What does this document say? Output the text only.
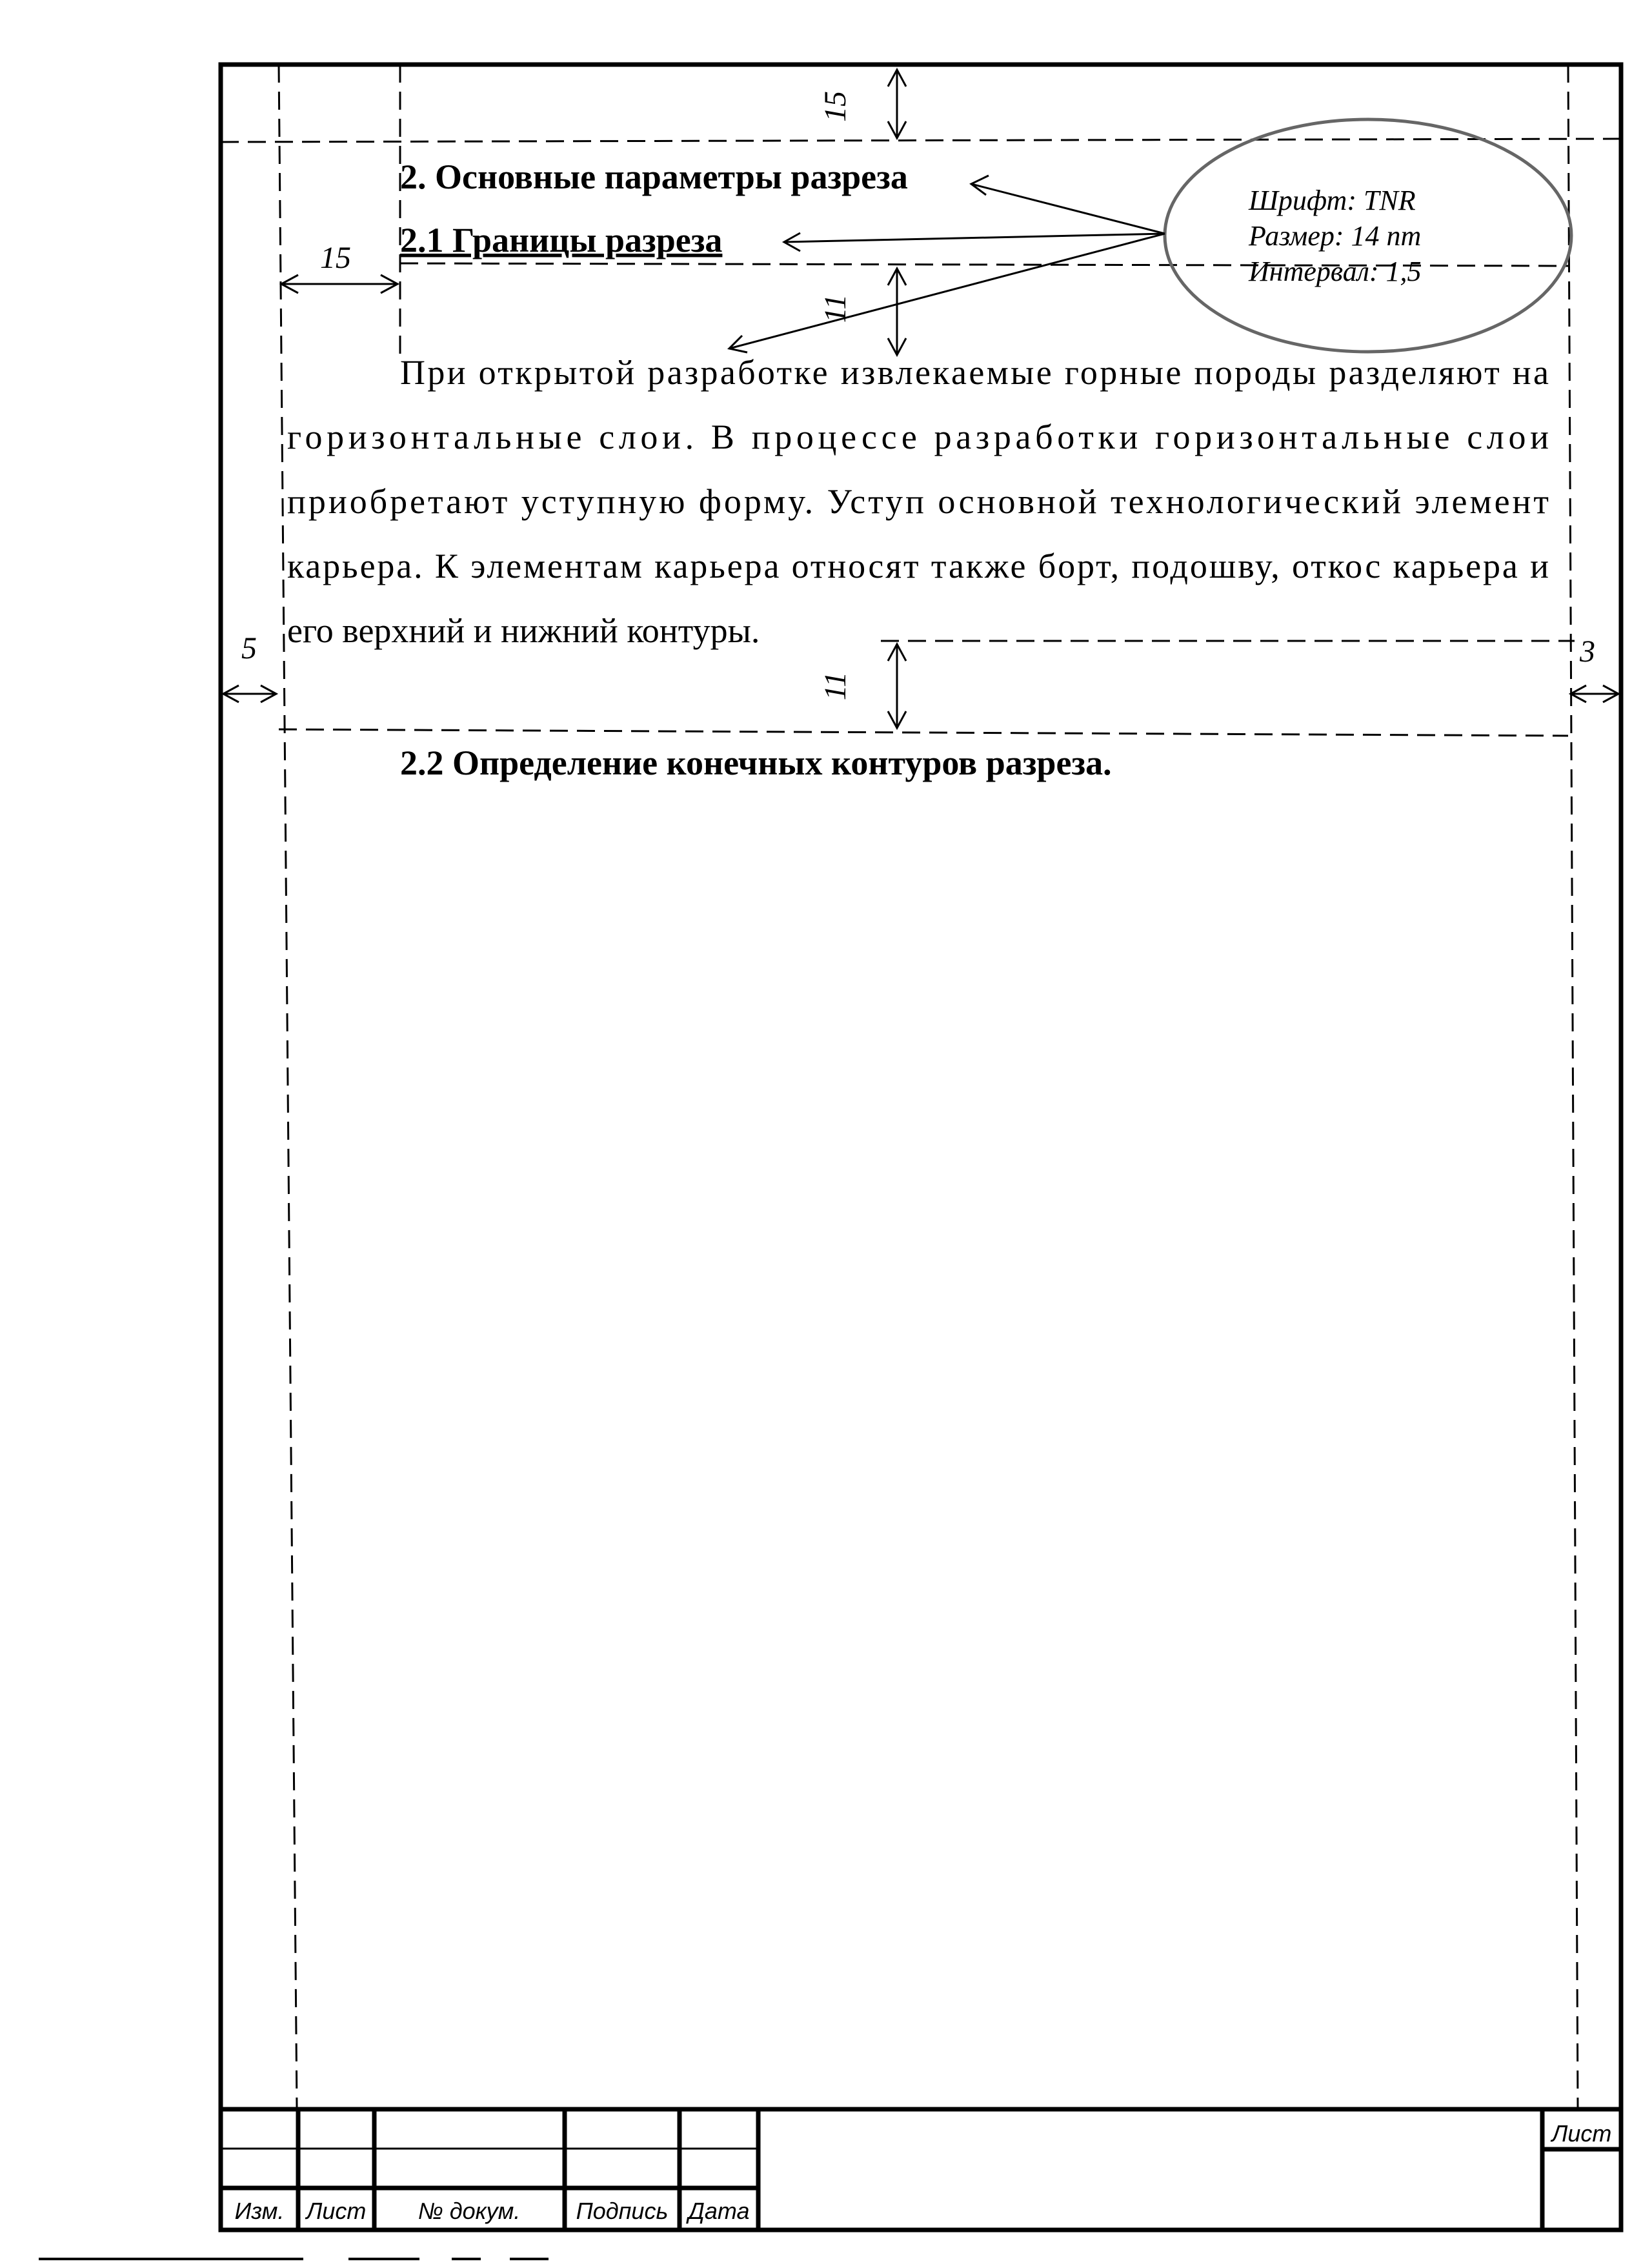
Шрифт: TNR
Размер: 14 пт
Интервал: 1,5
15
15
11
11
5	3
2. Основные параметры разреза
2.1 Границы разреза
2.2 Определение конечных контуров разреза.
При открытой разработке извлекаемые горные породы разделяют на
горизонтальные слои. В процессе разработки горизонтальные слои
приобретают уступную форму. Уступ основной технологический элемент
карьера. К элементам карьера относят также борт, подошву, откос карьера и
его верхний и нижний контуры.
Изм. Лист № докум. Подпись Дата
Лист
